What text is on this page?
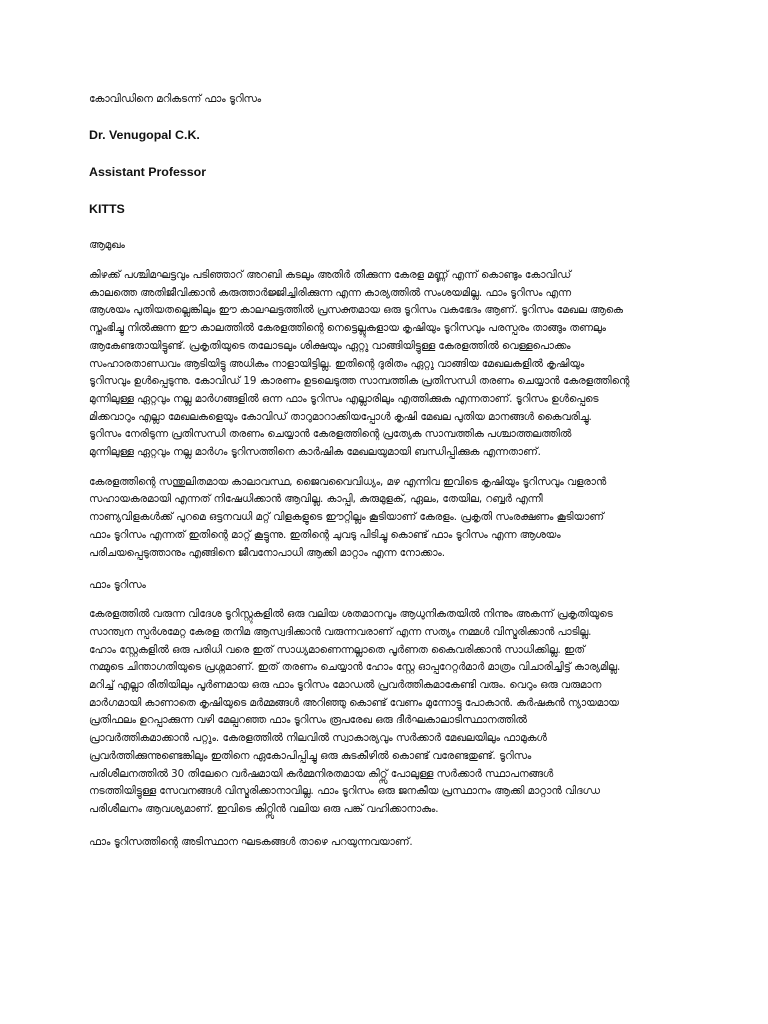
കോവിഡിനെ മറികടന്ന് ഫാം ടൂറിസം

Dr. Venugopal C.K.

Assistant Professor

KITTS

ആമുഖം

കിഴക്ക് പശ്ചിമഘട്ടവും പടിഞ്ഞാറ് അറബി കടലും അതിർ തീക്കുന്ന കേരള മണ്ണ് എന്ന് കൊണ്ടും കോവിഡ്
കാലത്തെ അതിജീവിക്കാൻ കരുത്താർജ്ജിച്ചിരിക്കുന്ന എന്ന കാര്യത്തിൽ സംശയമില്ല. ഫാം ടൂറിസം എന്ന
ആശയം പുതിയതല്ലെങ്കിലും ഈ കാലഘട്ടത്തിൽ പ്രസക്തമായ ഒരു ടൂറിസം വകഭേദം ആണ്. ടൂറിസം മേഖല ആകെ
സ്തംഭിച്ചു നിൽക്കുന്ന ഈ കാലത്തിൽ കേരളത്തിന്റെ നെട്ടെല്ലുകളായ കൃഷിയും ടൂറിസവും പരസ്പരം താങ്ങും തണലും
ആകേണ്ടതായിട്ടുണ്ട്. പ്രകൃതിയുടെ തലോടലും ശിക്ഷയും ഏറ്റു വാങ്ങിയിട്ടുള്ള കേരളത്തിൽ വെള്ളപൊക്കം
സംഹാരതാണ്ഡവം ആടിയിട്ടു അധികം നാളായിട്ടില്ല. ഇതിന്റെ ദുരിതം ഏറ്റു വാങ്ങിയ മേഖലകളിൽ കൃഷിയും
ടൂറിസവും ഉൾപ്പെടുന്നു. കോവിഡ് 19 കാരണം ഉടലെടുത്ത സാമ്പത്തിക പ്രതിസന്ധി തരണം ചെയ്യാൻ കേരളത്തിന്റെ
മുന്നിലുള്ള ഏറ്റവും നല്ല മാർഗങ്ങളിൽ ഒന്ന ഫാം ടൂറിസം എല്ലാരിലും എത്തിക്കുക എന്നതാണ്. ടൂറിസം ഉൾപ്പെടെ
മിക്കവാറും എല്ലാ മേഖലകളെയും കോവിഡ് താറുമാറാക്കിയപ്പോൾ കൃഷി മേഖല പുതിയ മാനങ്ങൾ കൈവരിച്ചു.
ടൂറിസം നേരിടുന്ന പ്രതിസന്ധി തരണം ചെയ്യാൻ കേരളത്തിന്റെ പ്രത്യേക സാമ്പത്തിക പശ്ചാത്തലത്തിൽ
മുന്നിലുള്ള ഏറ്റവും നല്ല മാർഗം ടൂറിസത്തിനെ കാർഷിക മേഖലയുമായി ബന്ധിപ്പിക്കുക എന്നതാണ്.
കേരളത്തിന്റെ സന്തുലിതമായ കാലാവസ്ഥ, ജൈവവൈവിധ്യം, മഴ എന്നിവ ഇവിടെ കൃഷിയും ടൂറിസവും വളരാൻ
സഹായകരമായി എന്നത് നിഷേധിക്കാൻ ആവില്ല. കാപ്പി, കുരുമുളക്, ഏലം, തേയില, റബ്ബർ എന്നീ
നാണ്യവിളകൾക്ക് പുറമെ ഒട്ടനവധി മറ്റ് വിളകളുടെ ഈറ്റില്ലം കൂടിയാണ് കേരളം. പ്രകൃതി സംരക്ഷണം കൂടിയാണ്
ഫാം ടൂറിസം എന്നത് ഇതിന്റെ മാറ്റ് കൂട്ടുന്നു. ഇതിന്റെ ചുവടു പിടിച്ചു കൊണ്ട് ഫാം ടൂറിസം എന്ന ആശയം
പരിചയപ്പെടുത്താനും എങ്ങിനെ ജീവനോപാധി ആക്കി മാറ്റാം എന്ന നോക്കാം.

ഫാം ടൂറിസം

കേരളത്തിൽ വരുന്ന വിദേശ ടൂറിസ്റ്റുകളിൽ ഒരു വലിയ ശതമാനവും ആധുനികതയിൽ നിന്നും അകന്ന് പ്രകൃതിയുടെ
സാന്ത്വന സ്പർശമേറ്റ കേരള തനിമ ആസ്വദിക്കാൻ വരുന്നവരാണ് എന്ന സത്യം നമ്മൾ വിസ്മരിക്കാൻ പാടില്ല.
ഹോം സ്റ്റേകളിൽ ഒരു പരിധി വരെ ഇത് സാധ്യമാണെന്നല്ലാതെ പൂർണത കൈവരിക്കാൻ സാധിക്കില്ല. ഇത്
നമ്മുടെ ചിന്താഗതിയുടെ പ്രശ്നമാണ്. ഇത് തരണം ചെയ്യാൻ ഹോം സ്റ്റേ ഓപ്പറേറ്റർമാർ മാത്രം വിചാരിച്ചിട്ട് കാര്യമില്ല.
മറിച്ച് എല്ലാ രീതിയിലും പൂർണമായ ഒരു ഫാം ടൂറിസം മോഡൽ പ്രവർത്തികമാകേണ്ടി വരും. വെറും ഒരു വരുമാന
മാർഗമായി കാണാതെ കൃഷിയുടെ മർമ്മങ്ങൾ അറിഞ്ഞു കൊണ്ട് വേണം മുന്നോട്ടു പോകാൻ. കർഷകൻ ന്യായമായ
പ്രതിഫലം ഉറപ്പാക്കുന്ന വഴി മേല്പറഞ്ഞ ഫാം ടൂറിസം രൂപരേഖ ഒരു ദീർഘകാലാടിസ്ഥാനത്തിൽ
പ്രാവർത്തികമാക്കാൻ പറ്റും. കേരളത്തിൽ നിലവിൽ സ്വാകാര്യവും സർക്കാർ മേഖലയിലും ഫാമുകൾ
പ്രവർത്തിക്കുന്നുണ്ടെങ്കിലും ഇതിനെ ഏകോപിപ്പിച്ചു ഒരു കുടകീഴിൽ കൊണ്ട് വരേണ്ടതുണ്ട്. ടൂറിസം
പരിശീലനത്തിൽ 30 തിലേറെ വർഷമായി കർമ്മനിരതമായ കിറ്റ്സ് പോലുള്ള സർക്കാർ സ്ഥാപനങ്ങൾ
നടത്തിയിട്ടുള്ള സേവനങ്ങൾ വിസ്മരിക്കാനാവില്ല. ഫാം ടൂറിസം ഒരു ജനകീയ പ്രസ്ഥാനം ആക്കി മാറ്റാൻ വിദഗ്ധ
പരിശീലനം ആവശ്യമാണ്. ഇവിടെ കിറ്റ്സിൻ വലിയ ഒരു പങ്ക് വഹിക്കാനാകും.

ഫാം ടൂറിസത്തിന്റെ അടിസ്ഥാന ഘടകങ്ങൾ താഴെ പറയുന്നവയാണ്.
